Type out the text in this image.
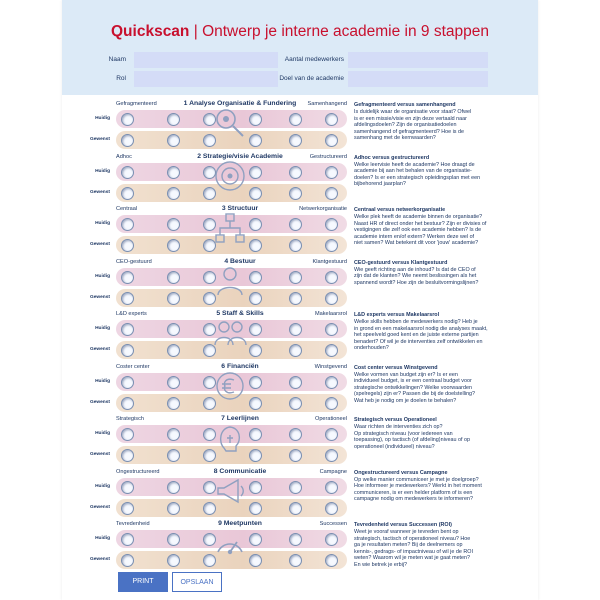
Quickscan | Ontwerp je interne academie in 9 stappen
Naam
Rol
Aantal medewerkers
Doel van de academie
Gefragmenteerd	1 Analyse Organisatie & Fundering	Samenhangend
Huidig
Gewenst
Gefragmenteerd versus samenhangend
Is duidelijk waar de organisatie voor staat? Ofwel
is er een missie/visie en zijn deze vertaald naar
afdelingsdoelen? Zijn de organisatiedoelen
samenhangend of gefragmenteerd? Hoe is de
samenhang met de kernwaarden?
Adhoc	2 Strategie/visie Academie	Gestructureerd
Huidig
Gewenst
Adhoc versus gestructureerd
Welke leervisie heeft de academie? Hoe draagt de
academie bij aan het behalen van de organisatie-
doelen? Is er een strategisch opleidingsplan met een
bijbehorend jaarplan?
Centraal	3 Structuur	Netwerkorganisatie
Huidig
Gewenst
Centraal versus netwerkorganisatie
Welke plek heeft de academie binnen de organisatie?
Naast HR of direct onder het bestuur? Zijn er divisies of
vestigingen die zelf ook een academie hebben? Is de
academie intern en/of extern? Werken deze wel of
niet samen? Wat betekent dit voor 'jouw' academie?
CEO-gestuurd	4 Bestuur	Klantgestuurd
Huidig
Gewenst
CEO-gestuurd versus Klantgestuurd
Wie geeft richting aan de inhoud? Is dat de CEO of
zijn dat de klanten? Wie neemt beslissingen als het
spannend wordt? Hoe zijn de besluitvormingslijnen?
L&D experts	5 Staff & Skills	Makelaarsrol
Huidig
Gewenst
L&D experts versus Makelaarsrol
Welke skills hebben de medewerkers nodig? Heb je
in grond en een makelaarsrol nodig die analyses maakt,
het speelveld goed kent en de juiste externe partijen
benadert? Of wil je de interventies zelf ontwikkelen en
onderhouden?
Coster center	6 Financiën	Winstgevend
Huidig
Gewenst
Cost center versus Winstgevend
Welke vormen van budget zijn er? Is er een
individueel budget, is er een centraal budget voor
strategische ontwikkelingen? Welke voorwaarden
(spelregels) zijn er? Passen die bij de doelstelling?
Wat heb je nodig om je doelen te behalen?
Strategisch	7 Leerlijnen	Operationeel
Huidig
Gewenst
Strategisch versus Operationeel
Waar richten de interventies zich op?
Op strategisch niveau (voor iedereen van
toepassing), op tactisch (of afdeling)niveau of op
operationeel (individueel) niveau?
Ongestructureerd	8 Communicatie	Campagne
Huidig
Gewenst
Ongestructureerd versus Campagne
Op welke manier communiceer je met je doelgroep?
Hoe informeer je medewerkers? Werkt in het moment
communiceren, is er een helder platform of is een
campagne nodig om medewerkers te informeren?
Tevredenheid	9 Meetpunten	Successen
Huidig
Gewenst
Tevredenheid versus Successen (ROI)
Weet je vooraf wanneer je tevreden bent op
strategisch, tactisch of operationeel niveau? Hoe
ga je resultaten meten? Bij de deelnemers op
kennis-, gedrags- of impactniveau of wil je de ROI
weten? Waarom wil je meten wat je gaat meten?
En wie betrek je erbij?
PRINT	OPSLAAN
